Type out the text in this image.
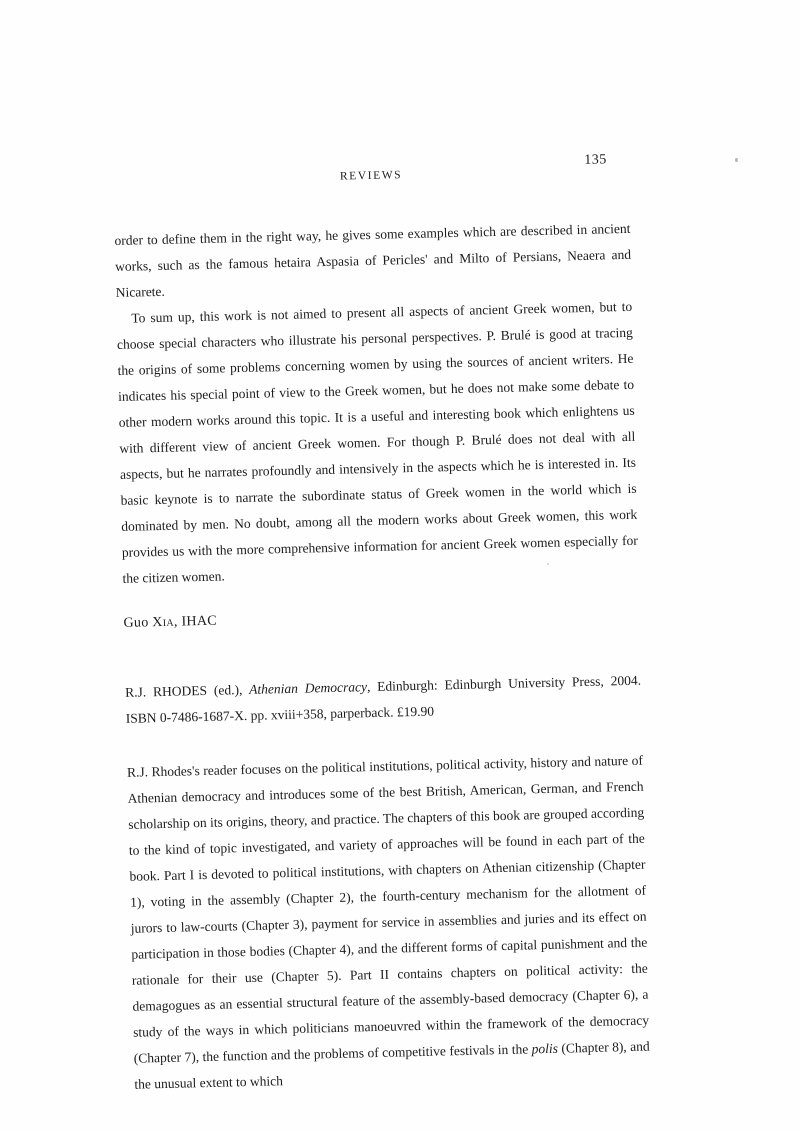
REVIEWS
135

order to define them in the right way, he gives some examples which are described in ancient works, such as the famous hetaira Aspasia of Pericles' and Milto of Persians, Neaera and Nicarete.

To sum up, this work is not aimed to present all aspects of ancient Greek women, but to choose special characters who illustrate his personal perspectives. P. Brulé is good at tracing the origins of some problems concerning women by using the sources of ancient writers. He indicates his special point of view to the Greek women, but he does not make some debate to other modern works around this topic. It is a useful and interesting book which enlightens us with different view of ancient Greek women. For though P. Brulé does not deal with all aspects, but he narrates profoundly and intensively in the aspects which he is interested in. Its basic keynote is to narrate the subordinate status of Greek women in the world which is dominated by men. No doubt, among all the modern works about Greek women, this work provides us with the more comprehensive information for ancient Greek women especially for the citizen women.

Guo Xia, IHAC
R.J. RHODES (ed.), Athenian Democracy, Edinburgh: Edinburgh University Press, 2004. ISBN 0-7486-1687-X. pp. xviii+358, parperback. £19.90

R.J. Rhodes's reader focuses on the political institutions, political activity, history and nature of Athenian democracy and introduces some of the best British, American, German, and French scholarship on its origins, theory, and practice. The chapters of this book are grouped according to the kind of topic investigated, and variety of approaches will be found in each part of the book. Part I is devoted to political institutions, with chapters on Athenian citizenship (Chapter 1), voting in the assembly (Chapter 2), the fourth-century mechanism for the allotment of jurors to law-courts (Chapter 3), payment for service in assemblies and juries and its effect on participation in those bodies (Chapter 4), and the different forms of capital punishment and the rationale for their use (Chapter 5). Part II contains chapters on political activity: the demagogues as an essential structural feature of the assembly-based democracy (Chapter 6), a study of the ways in which politicians manoeuvred within the framework of the democracy (Chapter 7), the function and the problems of competitive festivals in the polis (Chapter 8), and the unusual extent to which
